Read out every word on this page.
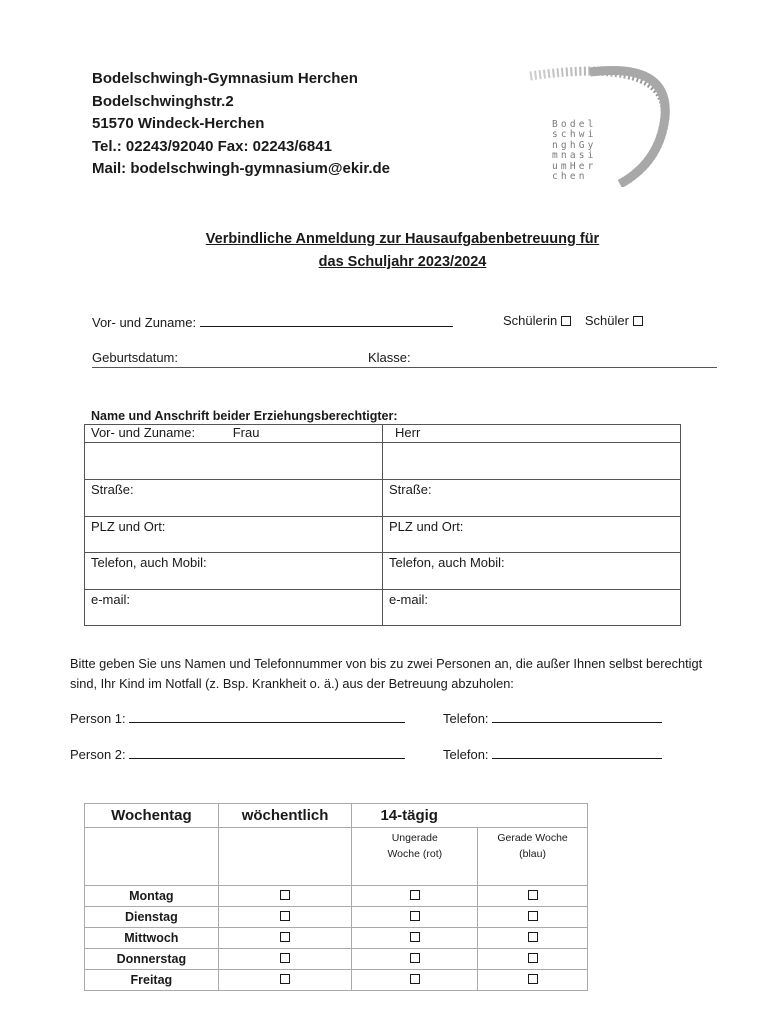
Bodelschwingh-Gymnasium Herchen
Bodelschwinghstr.2
51570 Windeck-Herchen
Tel.: 02243/92040 Fax: 02243/6841
Mail: bodelschwingh-gymnasium@ekir.de
Bodel
schwi
nghGy
mnasi
umHer
chen
Verbindliche Anmeldung zur Hausaufgabenbetreuung für
das Schuljahr 2023/2024
Vor- und Zuname:	Schülerin Schüler
Geburtsdatum:	Klasse:
Name und Anschrift beider Erziehungsberechtigter:
Vor- und Zuname: Frau	Herr

Straße:	Straße:
PLZ und Ort:	PLZ und Ort:
Telefon, auch Mobil:	Telefon, auch Mobil:
e-mail:	e-mail:
Bitte geben Sie uns Namen und Telefonnummer von bis zu zwei Personen an, die außer Ihnen selbst berechtigt sind, Ihr Kind im Notfall (z. Bsp. Krankheit o. ä.) aus der Betreuung abzuholen:
Person 1:	Telefon:
Person 2:	Telefon:
Wochentag	wöchentlich	14-tägig	

		Ungerade Woche (rot)	Gerade Woche (blau)

Montag			
Dienstag			
Mittwoch			
Donnerstag			
Freitag			
